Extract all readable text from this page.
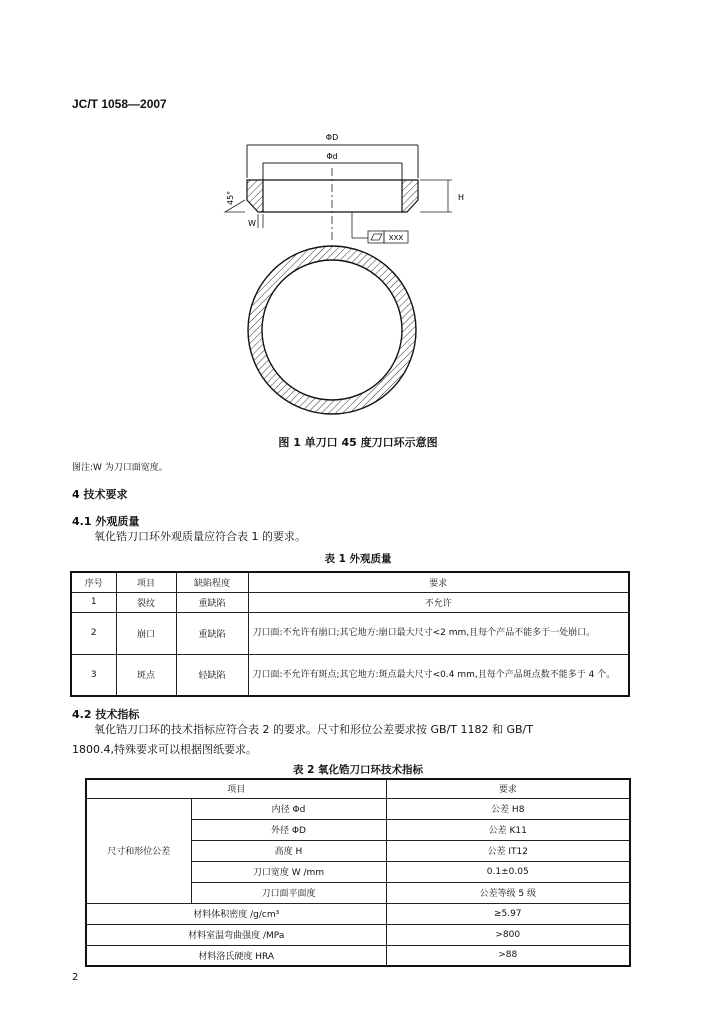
JC/T 1058—2007
ΦD
Φd
H
45°
W
XXX
图 1 单刀口 45 度刀口环示意图
图注:W 为刀口面宽度。
4 技术要求
4.1 外观质量
氧化锆刀口环外观质量应符合表 1 的要求。
表 1 外观质量
序号	项目	缺陷程度	要求
1	裂纹	重缺陷	不允许
2	崩口	重缺陷	刀口面:不允许有崩口;其它地方:崩口最大尺寸<2 mm,且每个产品不能多于一处崩口。
3	斑点	轻缺陷	刀口面:不允许有斑点;其它地方:斑点最大尺寸<0.4 mm,且每个产品斑点数不能多于 4 个。
4.2 技术指标
氧化锆刀口环的技术指标应符合表 2 的要求。尺寸和形位公差要求按 GB/T 1182 和 GB/T
1800.4,特殊要求可以根据图纸要求。
表 2 氧化锆刀口环技术指标
项目		要求
尺寸和形位公差	内径 Φd	公差 H8
	外径 ΦD	公差 K11
	高度 H	公差 IT12
	刀口宽度 W /mm	0.1±0.05
	刀口面平面度	公差等级 5 级
材料体积密度 /g/cm³		≥5.97
材料室温弯曲强度 /MPa		>800
材料洛氏硬度 HRA		>88
2
